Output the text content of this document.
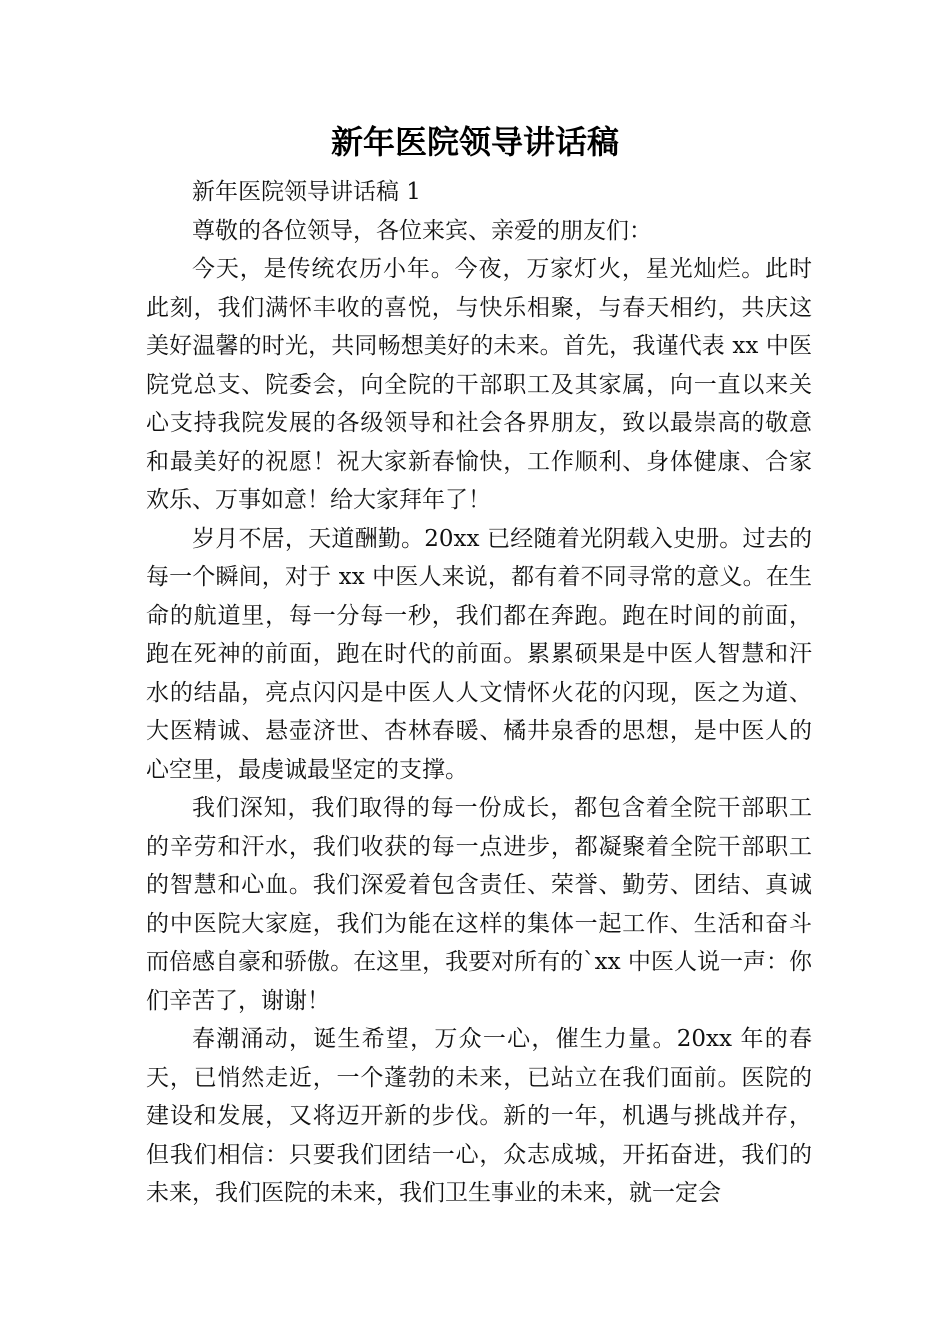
新年医院领导讲话稿

新年医院领导讲话稿 1

尊敬的各位领导，各位来宾、亲爱的朋友们：

今天，是传统农历小年。今夜，万家灯火，星光灿烂。此时此刻，我们满怀丰收的喜悦，与快乐相聚，与春天相约，共庆这美好温馨的时光，共同畅想美好的未来。首先，我谨代表 xx 中医院党总支、院委会，向全院的干部职工及其家属，向一直以来关心支持我院发展的各级领导和社会各界朋友，致以最崇高的敬意和最美好的祝愿！祝大家新春愉快，工作顺利、身体健康、合家欢乐、万事如意！给大家拜年了！

岁月不居，天道酬勤。20xx 已经随着光阴载入史册。过去的每一个瞬间，对于 xx 中医人来说，都有着不同寻常的意义。在生命的航道里，每一分每一秒，我们都在奔跑。跑在时间的前面，跑在死神的前面，跑在时代的前面。累累硕果是中医人智慧和汗水的结晶，亮点闪闪是中医人人文情怀火花的闪现，医之为道、大医精诚、悬壶济世、杏林春暖、橘井泉香的思想，是中医人的心空里，最虔诚最坚定的支撑。

我们深知，我们取得的每一份成长，都包含着全院干部职工的辛劳和汗水，我们收获的每一点进步，都凝聚着全院干部职工的智慧和心血。我们深爱着包含责任、荣誉、勤劳、团结、真诚的中医院大家庭，我们为能在这样的集体一起工作、生活和奋斗而倍感自豪和骄傲。在这里，我要对所有的`xx 中医人说一声：你们辛苦了，谢谢！

春潮涌动，诞生希望，万众一心，催生力量。20xx 年的春天，已悄然走近，一个蓬勃的未来，已站立在我们面前。医院的建设和发展，又将迈开新的步伐。新的一年，机遇与挑战并存，但我们相信：只要我们团结一心，众志成城，开拓奋进，我们的未来，我们医院的未来，我们卫生事业的未来，就一定会
